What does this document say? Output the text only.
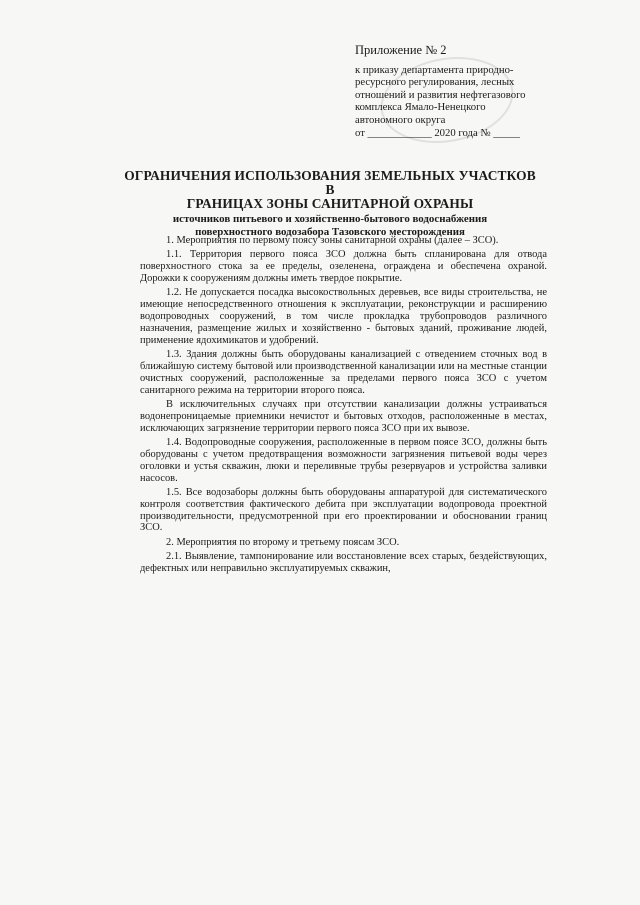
Приложение № 2
к приказу департамента природно-
ресурсного регулирования, лесных
отношений и развития нефтегазового
комплекса Ямало-Ненецкого
автономного округа
от ____________ 2020 года № _____
ОГРАНИЧЕНИЯ ИСПОЛЬЗОВАНИЯ ЗЕМЕЛЬНЫХ УЧАСТКОВ В
ГРАНИЦАХ ЗОНЫ САНИТАРНОЙ ОХРАНЫ
источников питьевого и хозяйственно-бытового водоснабжения
поверхностного водозабора Тазовского месторождения

1. Мероприятия по первому поясу зоны санитарной охраны (далее – ЗСО).

1.1. Территория первого пояса ЗСО должна быть спланирована для отвода поверхностного стока за ее пределы, озеленена, ограждена и обеспечена охраной. Дорожки к сооружениям должны иметь твердое покрытие.

1.2. Не допускается посадка высокоствольных деревьев, все виды строительства, не имеющие непосредственного отношения к эксплуатации, реконструкции и расширению водопроводных сооружений, в том числе прокладка трубопроводов различного назначения, размещение жилых и хозяйственно - бытовых зданий, проживание людей, применение ядохимикатов и удобрений.

1.3. Здания должны быть оборудованы канализацией с отведением сточных вод в ближайшую систему бытовой или производственной канализации или на местные станции очистных сооружений, расположенные за пределами первого пояса ЗСО с учетом санитарного режима на территории второго пояса.

В исключительных случаях при отсутствии канализации должны устраиваться водонепроницаемые приемники нечистот и бытовых отходов, расположенные в местах, исключающих загрязнение территории первого пояса ЗСО при их вывозе.

1.4. Водопроводные сооружения, расположенные в первом поясе ЗСО, должны быть оборудованы с учетом предотвращения возможности загрязнения питьевой воды через оголовки и устья скважин, люки и переливные трубы резервуаров и устройства заливки насосов.

1.5. Все водозаборы должны быть оборудованы аппаратурой для систематического контроля соответствия фактического дебита при эксплуатации водопровода проектной производительности, предусмотренной при его проектировании и обосновании границ ЗСО.

2. Мероприятия по второму и третьему поясам ЗСО.

2.1. Выявление, тампонирование или восстановление всех старых, бездействующих, дефектных или неправильно эксплуатируемых скважин,
